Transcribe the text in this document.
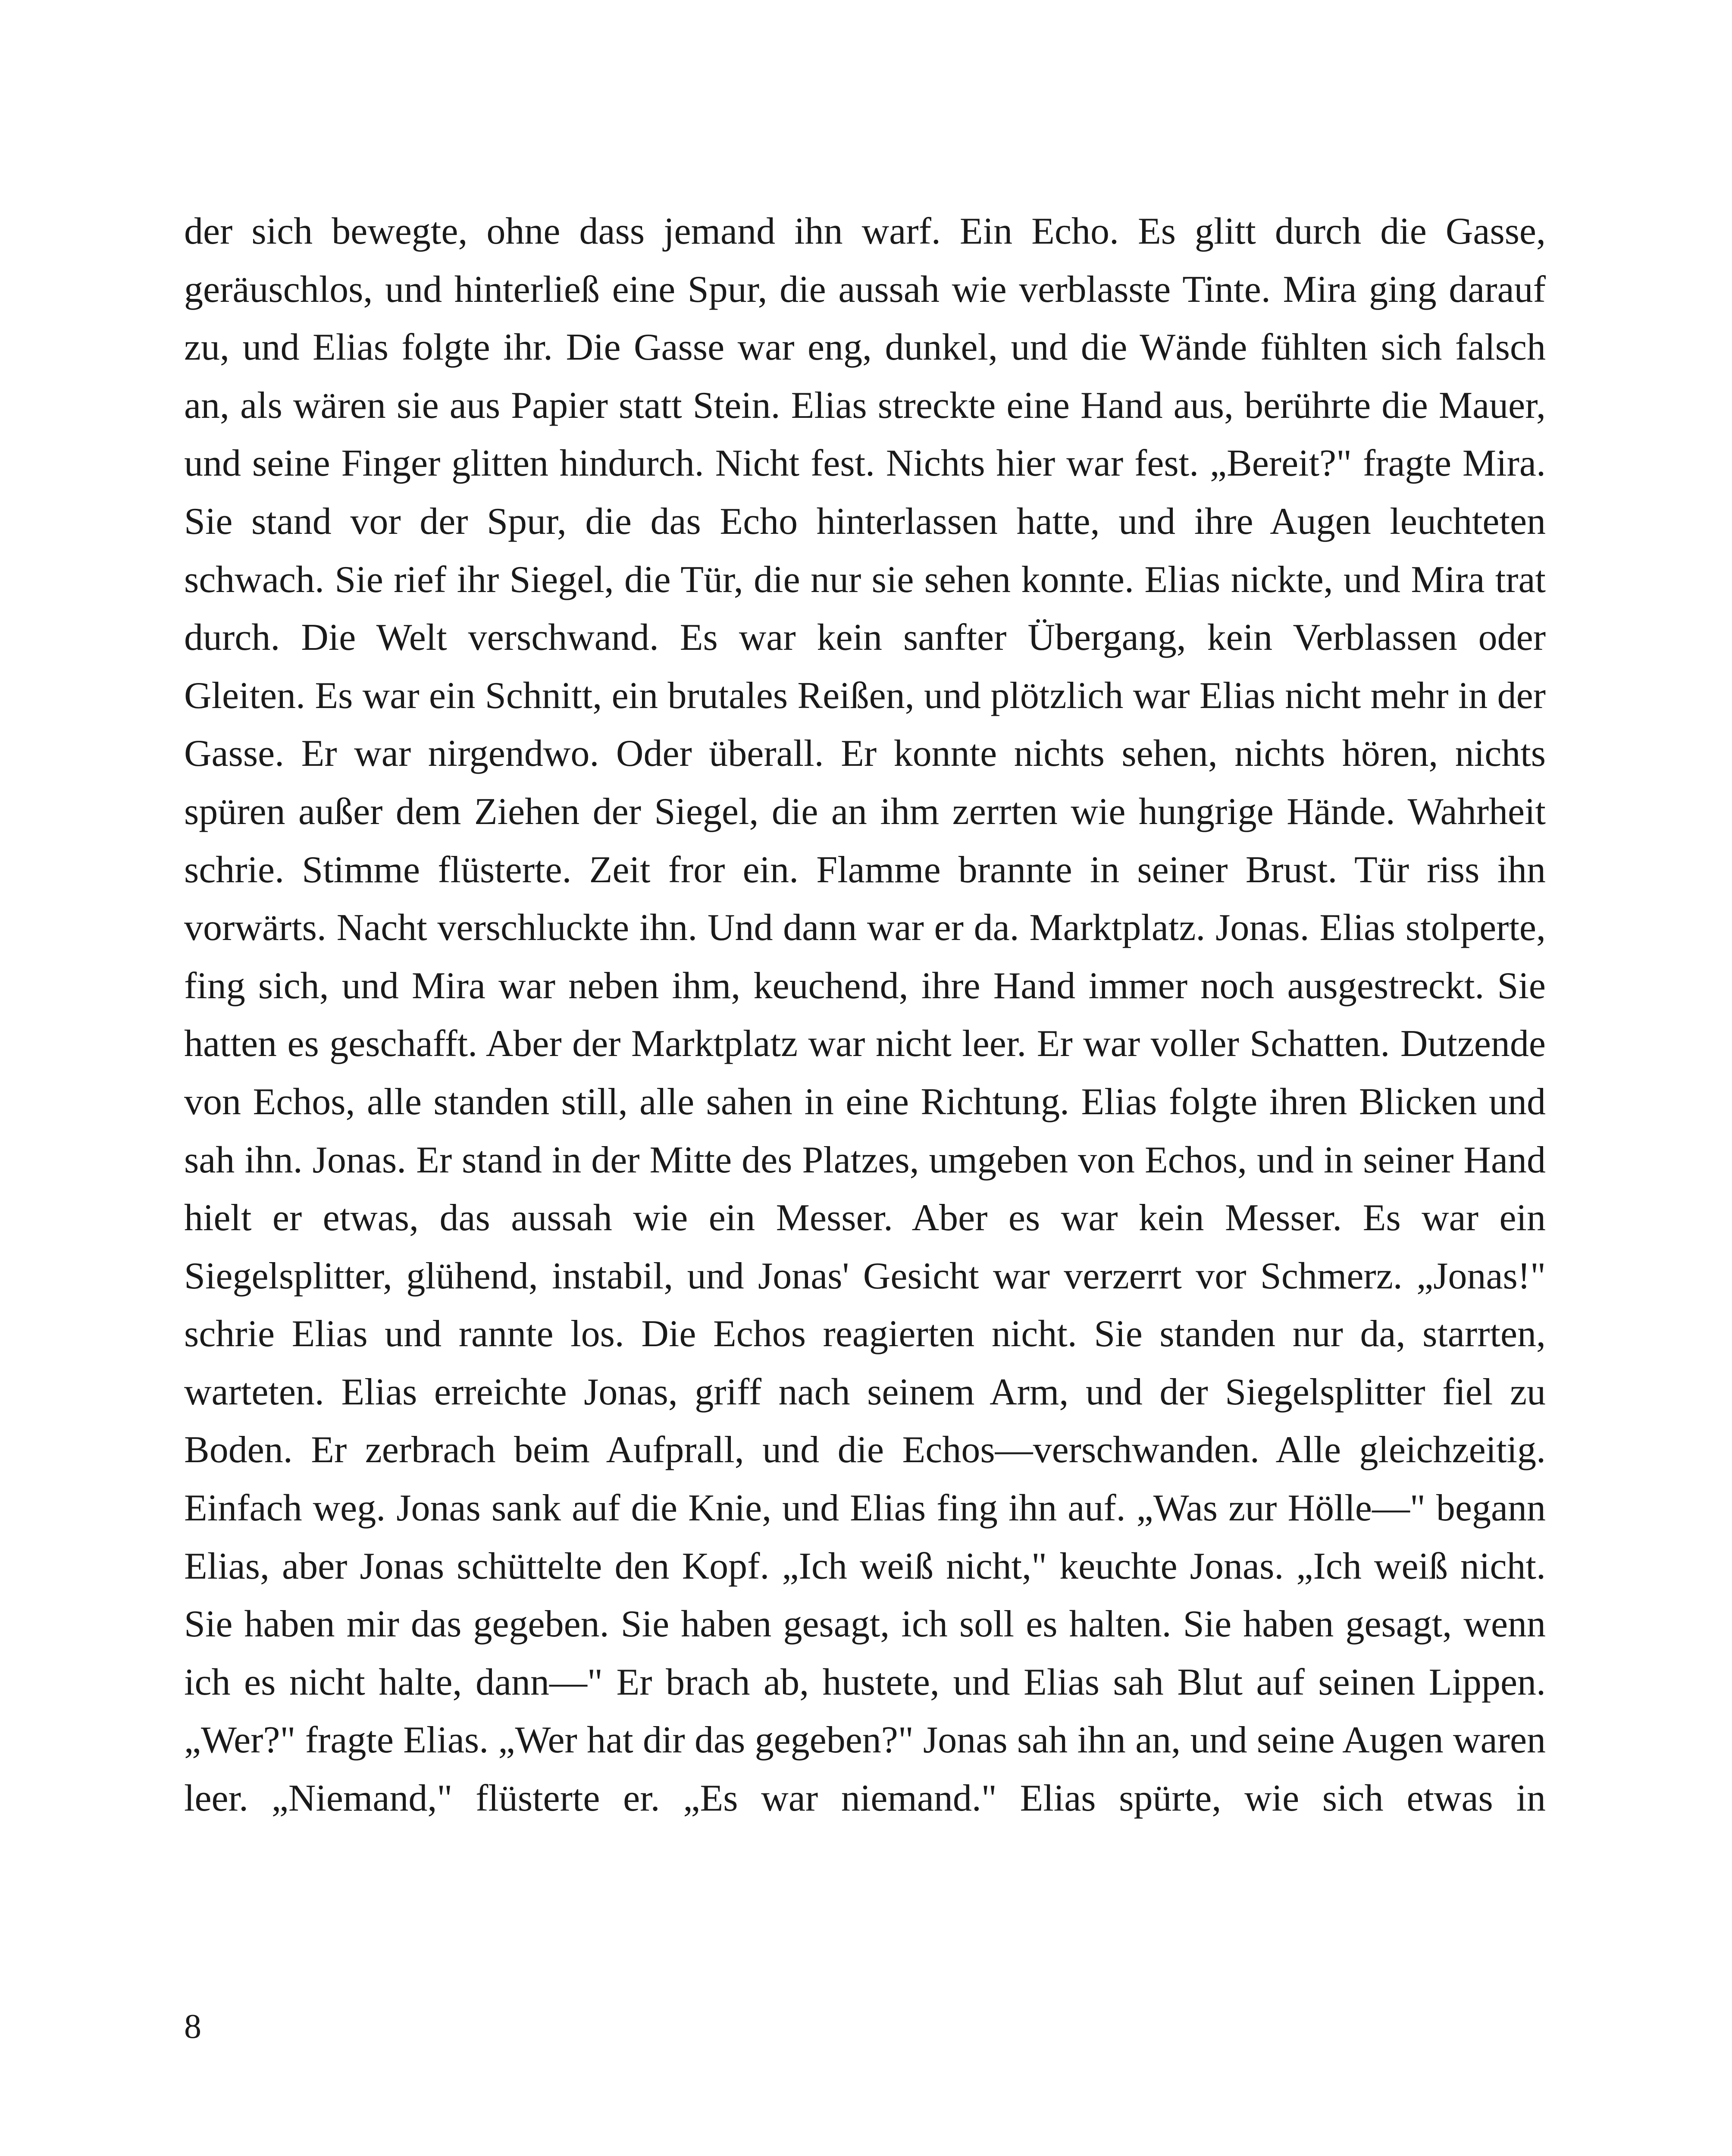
der sich bewegte, ohne dass jemand ihn warf. Ein Echo. Es glitt durch die Gasse, geräuschlos, und hinterließ eine Spur, die aussah wie verblasste Tinte. Mira ging darauf zu, und Elias folgte ihr. Die Gasse war eng, dunkel, und die Wände fühlten sich falsch an, als wären sie aus Papier statt Stein. Elias streckte eine Hand aus, berührte die Mauer, und seine Finger glitten hindurch. Nicht fest. Nichts hier war fest. „Bereit?" fragte Mira. Sie stand vor der Spur, die das Echo hinterlassen hatte, und ihre Augen leuchteten schwach. Sie rief ihr Siegel, die Tür, die nur sie sehen konnte. Elias nickte, und Mira trat durch. Die Welt verschwand. Es war kein sanfter Übergang, kein Verblassen oder Gleiten. Es war ein Schnitt, ein brutales Reißen, und plötzlich war Elias nicht mehr in der Gasse. Er war nirgendwo. Oder überall. Er konnte nichts sehen, nichts hören, nichts spüren außer dem Ziehen der Siegel, die an ihm zerrten wie hungrige Hände. Wahrheit schrie. Stimme flüsterte. Zeit fror ein. Flamme brannte in seiner Brust. Tür riss ihn vorwärts. Nacht verschluckte ihn. Und dann war er da. Marktplatz. Jonas. Elias stolperte, fing sich, und Mira war neben ihm, keuchend, ihre Hand immer noch ausgestreckt. Sie hatten es geschafft. Aber der Marktplatz war nicht leer. Er war voller Schatten. Dutzende von Echos, alle standen still, alle sahen in eine Richtung. Elias folgte ihren Blicken und sah ihn. Jonas. Er stand in der Mitte des Platzes, umgeben von Echos, und in seiner Hand hielt er etwas, das aussah wie ein Messer. Aber es war kein Messer. Es war ein Siegelsplitter, glühend, instabil, und Jonas' Gesicht war verzerrt vor Schmerz. „Jonas!" schrie Elias und rannte los. Die Echos reagierten nicht. Sie standen nur da, starrten, warteten. Elias erreichte Jonas, griff nach seinem Arm, und der Siegelsplitter fiel zu Boden. Er zerbrach beim Aufprall, und die Echos—verschwanden. Alle gleichzeitig. Einfach weg. Jonas sank auf die Knie, und Elias fing ihn auf. „Was zur Hölle—" begann Elias, aber Jonas schüttelte den Kopf. „Ich weiß nicht," keuchte Jonas. „Ich weiß nicht. Sie haben mir das gegeben. Sie haben gesagt, ich soll es halten. Sie haben gesagt, wenn ich es nicht halte, dann—" Er brach ab, hustete, und Elias sah Blut auf seinen Lippen. „Wer?" fragte Elias. „Wer hat dir das gegeben?" Jonas sah ihn an, und seine Augen waren leer. „Niemand," flüsterte er. „Es war niemand." Elias spürte, wie sich etwas in

8
